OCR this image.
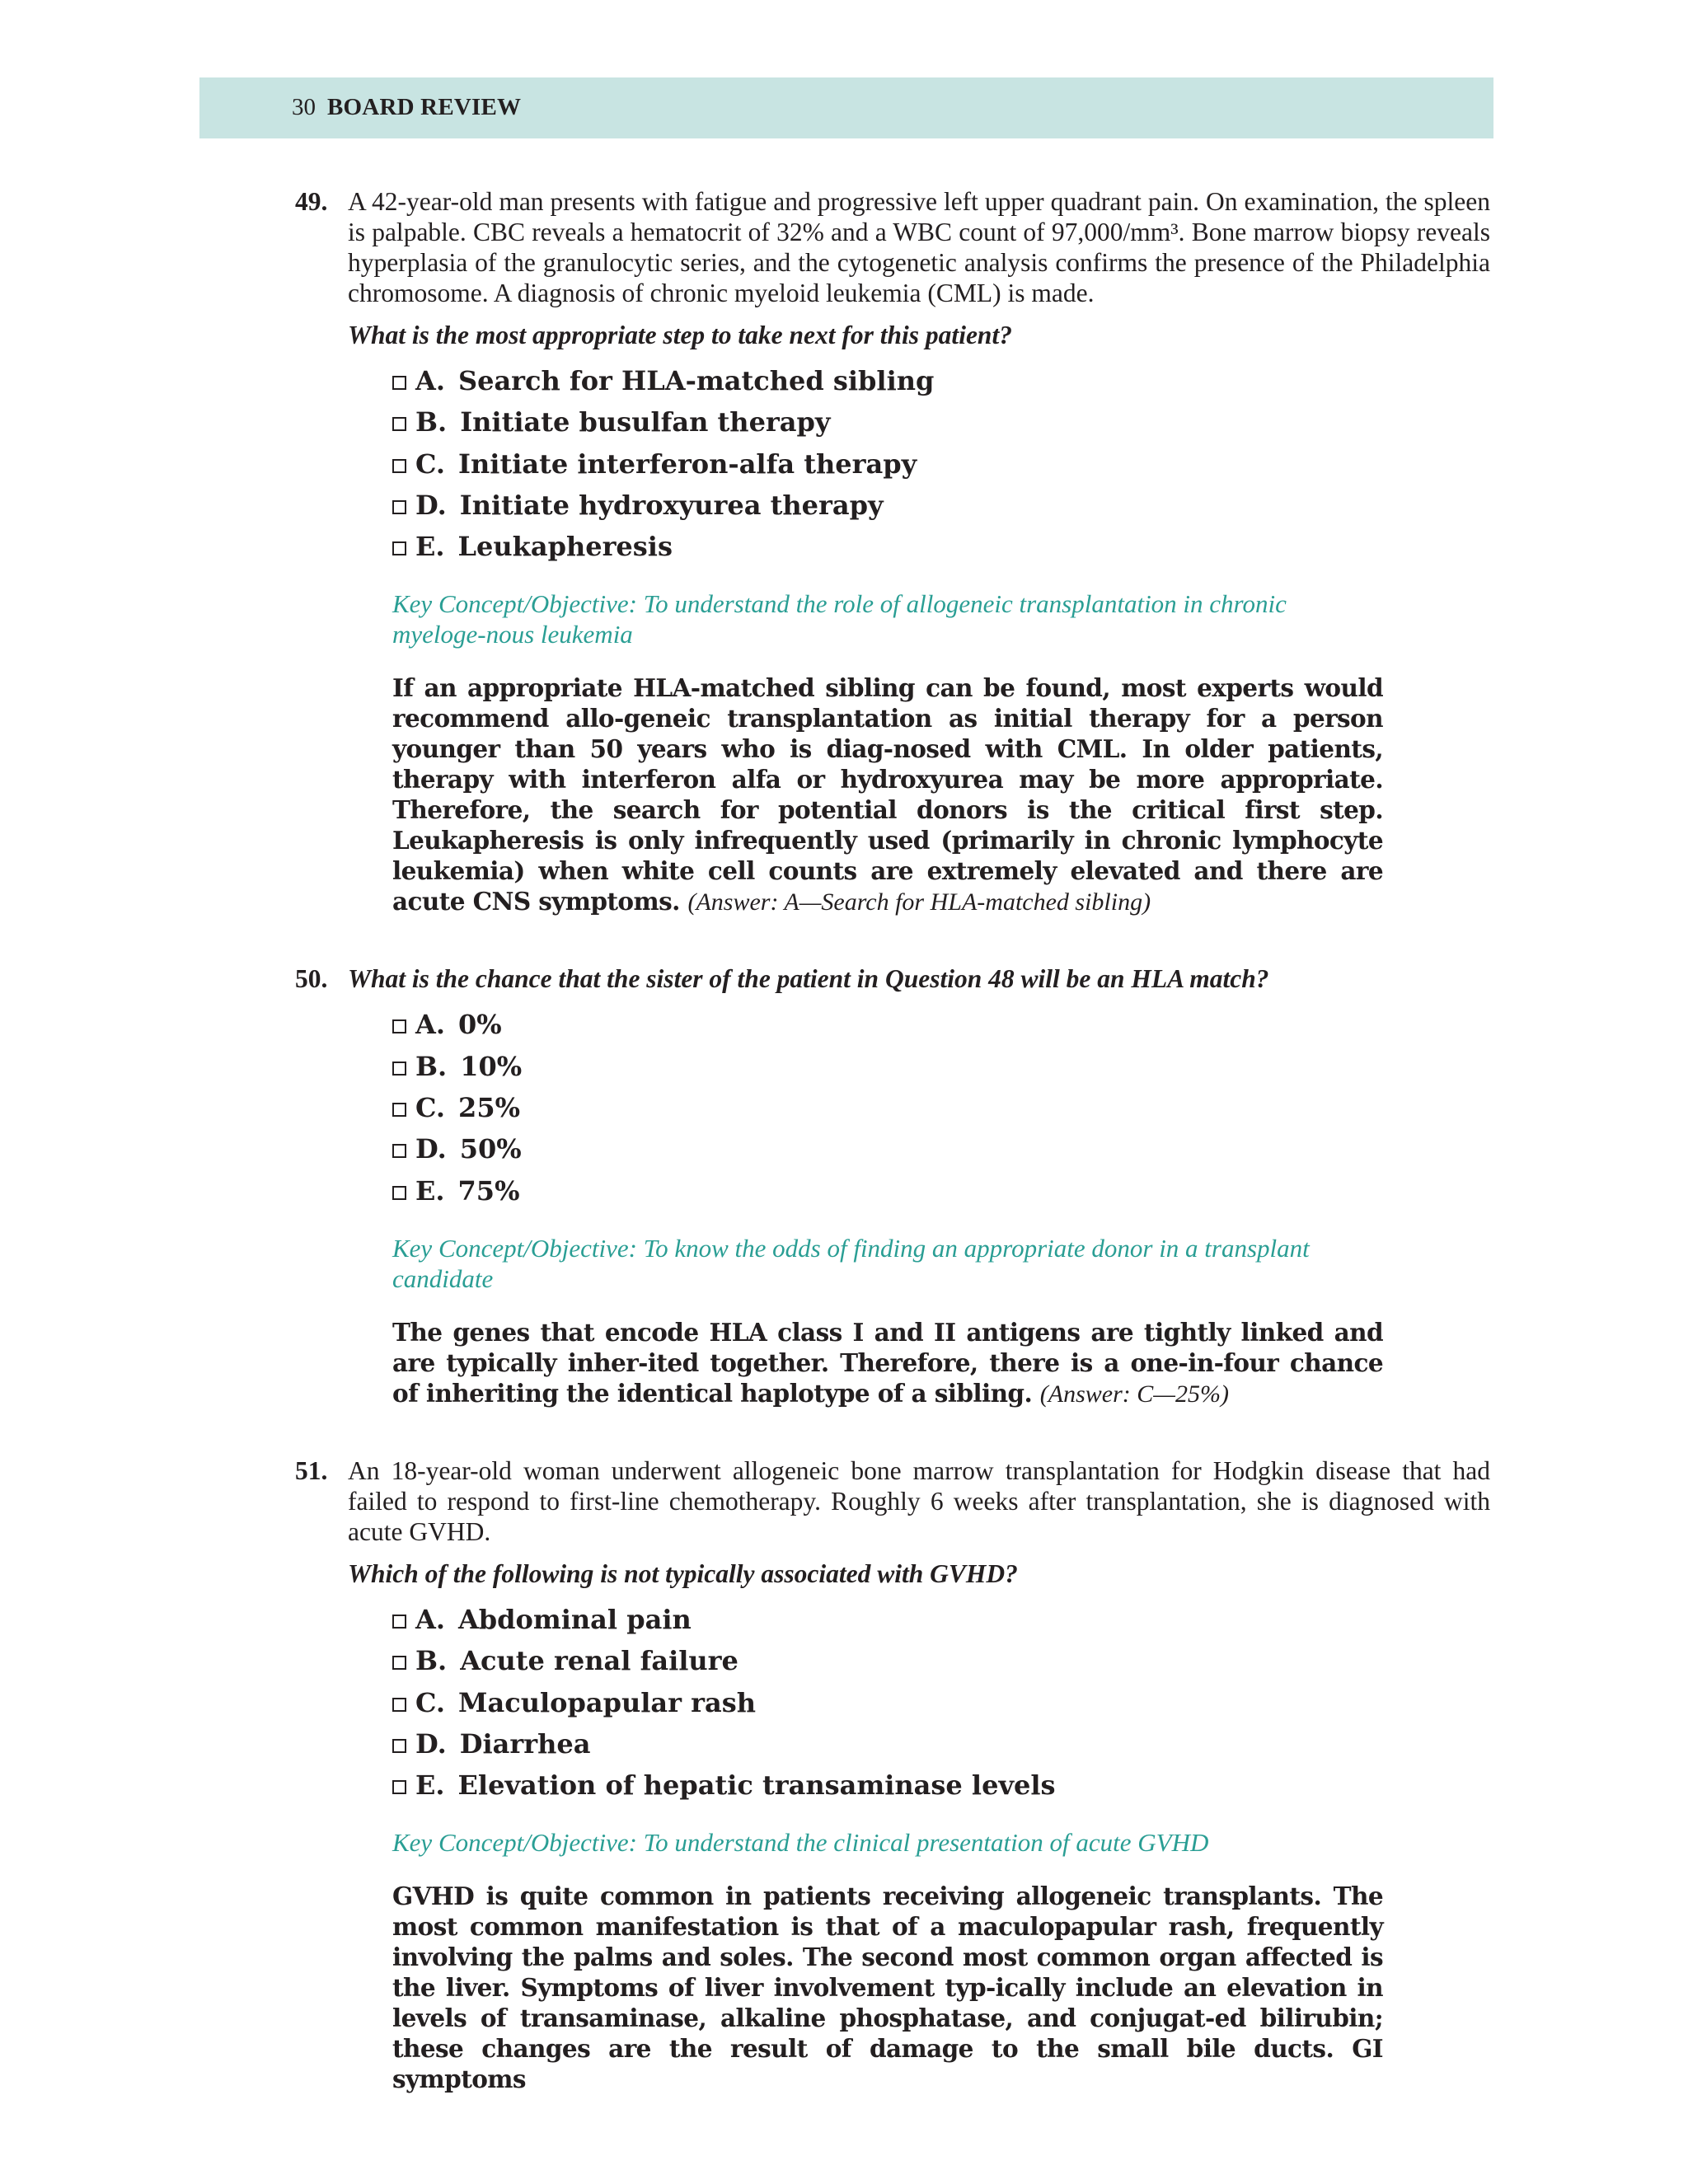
30 BOARD REVIEW
49. A 42-year-old man presents with fatigue and progressive left upper quadrant pain. On examination, the spleen is palpable. CBC reveals a hematocrit of 32% and a WBC count of 97,000/mm³. Bone marrow biopsy reveals hyperplasia of the granulocytic series, and the cytogenetic analysis confirms the presence of the Philadelphia chromosome. A diagnosis of chronic myeloid leukemia (CML) is made.

What is the most appropriate step to take next for this patient?

A. Search for HLA-matched sibling
B. Initiate busulfan therapy
C. Initiate interferon-alfa therapy
D. Initiate hydroxyurea therapy
E. Leukapheresis

Key Concept/Objective: To understand the role of allogeneic transplantation in chronic myeloge-nous leukemia

If an appropriate HLA-matched sibling can be found, most experts would recommend allo-geneic transplantation as initial therapy for a person younger than 50 years who is diag-nosed with CML. In older patients, therapy with interferon alfa or hydroxyurea may be more appropriate. Therefore, the search for potential donors is the critical first step. Leukapheresis is only infrequently used (primarily in chronic lymphocyte leukemia) when white cell counts are extremely elevated and there are acute CNS symptoms. (Answer: A—Search for HLA-matched sibling)

50. What is the chance that the sister of the patient in Question 48 will be an HLA match?

A. 0%
B. 10%
C. 25%
D. 50%
E. 75%

Key Concept/Objective: To know the odds of finding an appropriate donor in a transplant candidate

The genes that encode HLA class I and II antigens are tightly linked and are typically inher-ited together. Therefore, there is a one-in-four chance of inheriting the identical haplotype of a sibling. (Answer: C—25%)

51. An 18-year-old woman underwent allogeneic bone marrow transplantation for Hodgkin disease that had failed to respond to first-line chemotherapy. Roughly 6 weeks after transplantation, she is diagnosed with acute GVHD.

Which of the following is not typically associated with GVHD?

A. Abdominal pain
B. Acute renal failure
C. Maculopapular rash
D. Diarrhea
E. Elevation of hepatic transaminase levels

Key Concept/Objective: To understand the clinical presentation of acute GVHD

GVHD is quite common in patients receiving allogeneic transplants. The most common manifestation is that of a maculopapular rash, frequently involving the palms and soles. The second most common organ affected is the liver. Symptoms of liver involvement typ-ically include an elevation in levels of transaminase, alkaline phosphatase, and conjugat-ed bilirubin; these changes are the result of damage to the small bile ducts. GI symptoms
